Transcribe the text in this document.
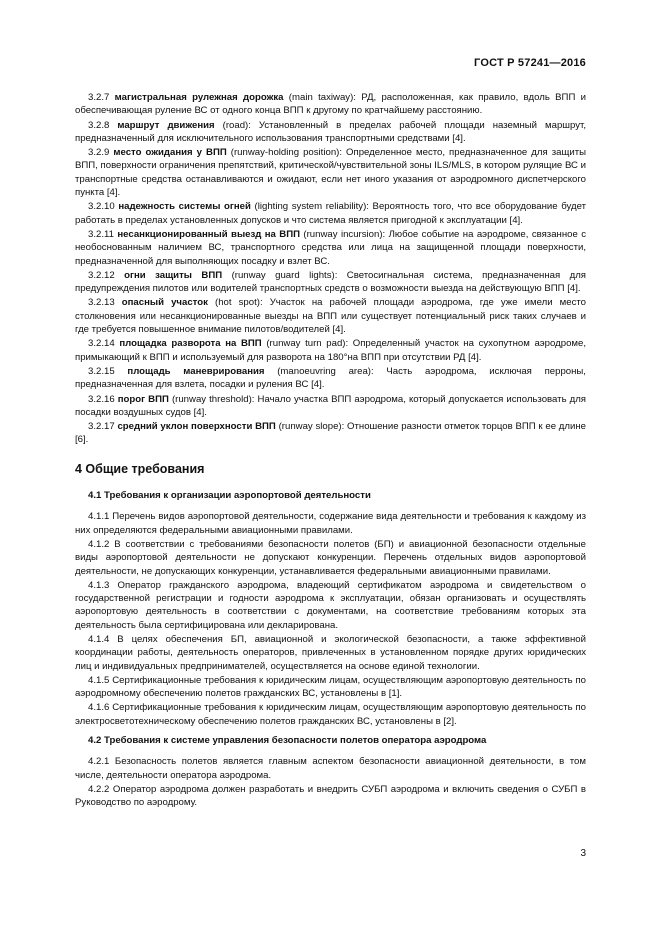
ГОСТ Р 57241—2016

3.2.7 магистральная рулежная дорожка (main taxiway): РД, расположенная, как правило, вдоль ВПП и обеспечивающая руление ВС от одного конца ВПП к другому по кратчайшему расстоянию.

3.2.8 маршрут движения (road): Установленный в пределах рабочей площади наземный маршрут, предназначенный для исключительного использования транспортными средствами [4].

3.2.9 место ожидания у ВПП (runway-holding position): Определенное место, предназначенное для защиты ВПП, поверхности ограничения препятствий, критической/чувствительной зоны ILS/MLS, в котором рулящие ВС и транспортные средства останавливаются и ожидают, если нет иного указания от аэродромного диспетчерского пункта [4].

3.2.10 надежность системы огней (lighting system reliability): Вероятность того, что все оборудование будет работать в пределах установленных допусков и что система является пригодной к эксплуатации [4].

3.2.11 несанкционированный выезд на ВПП (runway incursion): Любое событие на аэродроме, связанное с необоснованным наличием ВС, транспортного средства или лица на защищенной площади поверхности, предназначенной для выполняющих посадку и взлет ВС.

3.2.12 огни защиты ВПП (runway guard lights): Светосигнальная система, предназначенная для предупреждения пилотов или водителей транспортных средств о возможности выезда на действующую ВПП [4].

3.2.13 опасный участок (hot spot): Участок на рабочей площади аэродрома, где уже имели место столкновения или несанкционированные выезды на ВПП или существует потенциальный риск таких случаев и где требуется повышенное внимание пилотов/водителей [4].

3.2.14 площадка разворота на ВПП (runway turn pad): Определенный участок на сухопутном аэродроме, примыкающий к ВПП и используемый для разворота на 180°на ВПП при отсутствии РД [4].

3.2.15 площадь маневрирования (manoeuvring area): Часть аэродрома, исключая перроны, предназначенная для взлета, посадки и руления ВС [4].

3.2.16 порог ВПП (runway threshold): Начало участка ВПП аэродрома, который допускается использовать для посадки воздушных судов [4].

3.2.17 средний уклон поверхности ВПП (runway slope): Отношение разности отметок торцов ВПП к ее длине [6].

4 Общие требования
4.1 Требования к организации аэропортовой деятельности

4.1.1 Перечень видов аэропортовой деятельности, содержание вида деятельности и требования к каждому из них определяются федеральными авиационными правилами.

4.1.2 В соответствии с требованиями безопасности полетов (БП) и авиационной безопасности отдельные виды аэропортовой деятельности не допускают конкуренции. Перечень отдельных видов аэропортовой деятельности, не допускающих конкуренции, устанавливается федеральными авиационными правилами.

4.1.3 Оператор гражданского аэродрома, владеющий сертификатом аэродрома и свидетельством о государственной регистрации и годности аэродрома к эксплуатации, обязан организовать и осуществлять аэропортовую деятельность в соответствии с документами, на соответствие требованиям которых эта деятельность была сертифицирована или декларирована.

4.1.4 В целях обеспечения БП, авиационной и экологической безопасности, а также эффективной координации работы, деятельность операторов, привлеченных в установленном порядке других юридических лиц и индивидуальных предпринимателей, осуществляется на основе единой технологии.

4.1.5 Сертификационные требования к юридическим лицам, осуществляющим аэропортовую деятельность по аэродромному обеспечению полетов гражданских ВС, установлены в [1].

4.1.6 Сертификационные требования к юридическим лицам, осуществляющим аэропортовую деятельность по электросветотехническому обеспечению полетов гражданских ВС, установлены в [2].

4.2 Требования к системе управления безопасности полетов оператора аэродрома

4.2.1 Безопасность полетов является главным аспектом безопасности авиационной деятельности, в том числе, деятельности оператора аэродрома.

4.2.2 Оператор аэродрома должен разработать и внедрить СУБП аэродрома и включить сведения о СУБП в Руководство по аэродрому.

3
